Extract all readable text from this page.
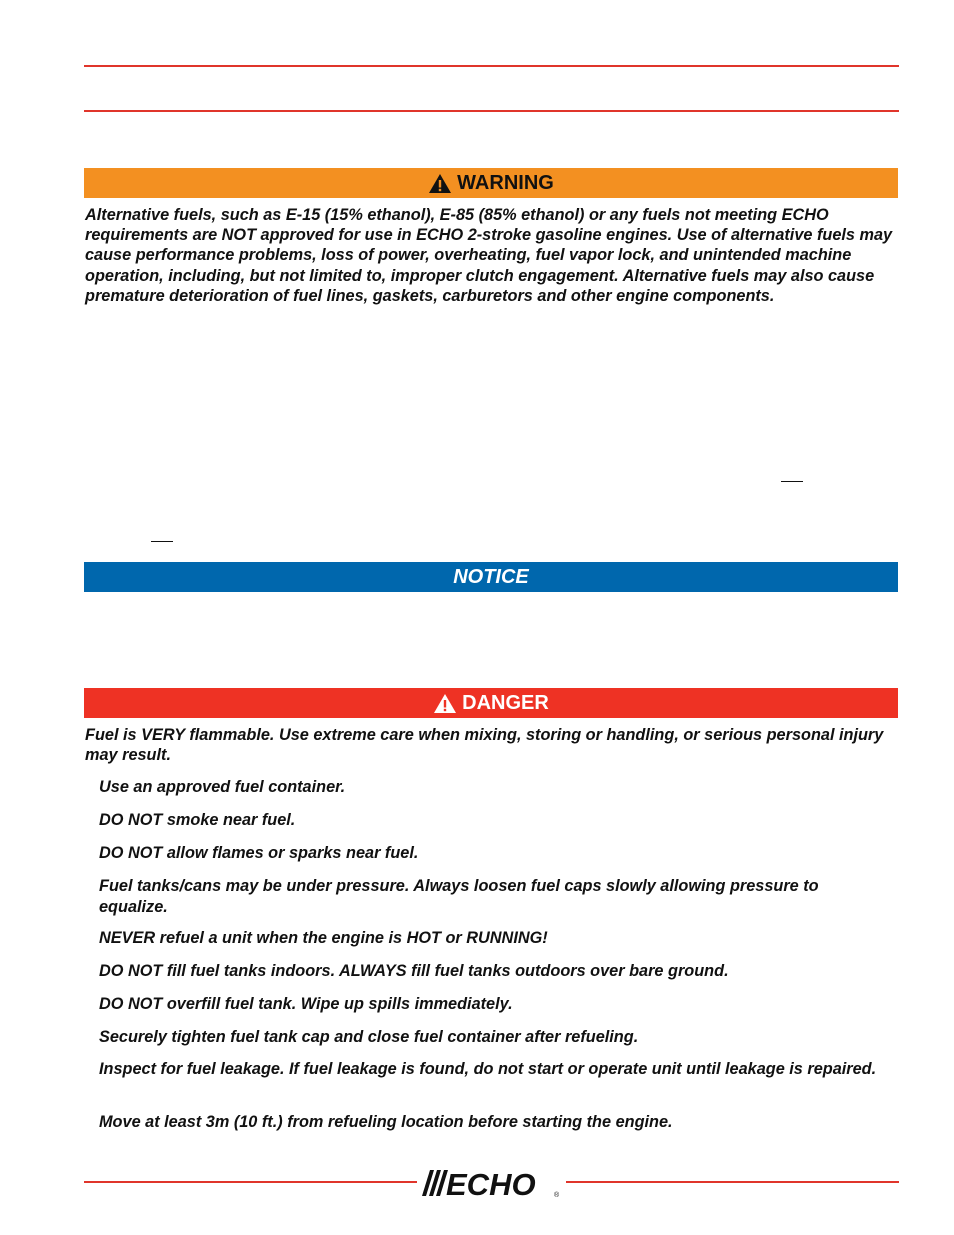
WARNING

Alternative fuels, such as E-15 (15% ethanol), E-85 (85% ethanol) or any fuels not meeting ECHO requirements are NOT approved for use in ECHO 2-stroke gasoline engines. Use of alternative fuels may cause performance problems, loss of power, overheating, fuel vapor lock, and unintended machine operation, including, but not limited to, improper clutch engagement. Alternative fuels may also cause premature deterioration of fuel lines, gaskets, carburetors and other engine components.

NOTICE
DANGER

Fuel is VERY flammable. Use extreme care when mixing, storing or handling, or serious personal injury may result.

Use an approved fuel container.

DO NOT smoke near fuel.

DO NOT allow flames or sparks near fuel.

Fuel tanks/cans may be under pressure. Always loosen fuel caps slowly allowing pressure to equalize.

NEVER refuel a unit when the engine is HOT or RUNNING!

DO NOT fill fuel tanks indoors. ALWAYS fill fuel tanks outdoors over bare ground.

DO NOT overfill fuel tank. Wipe up spills immediately.

Securely tighten fuel tank cap and close fuel container after refueling.

Inspect for fuel leakage. If fuel leakage is found, do not start or operate unit until leakage is repaired.

Move at least 3m (10 ft.) from refueling location before starting the engine.

ECHO	®
